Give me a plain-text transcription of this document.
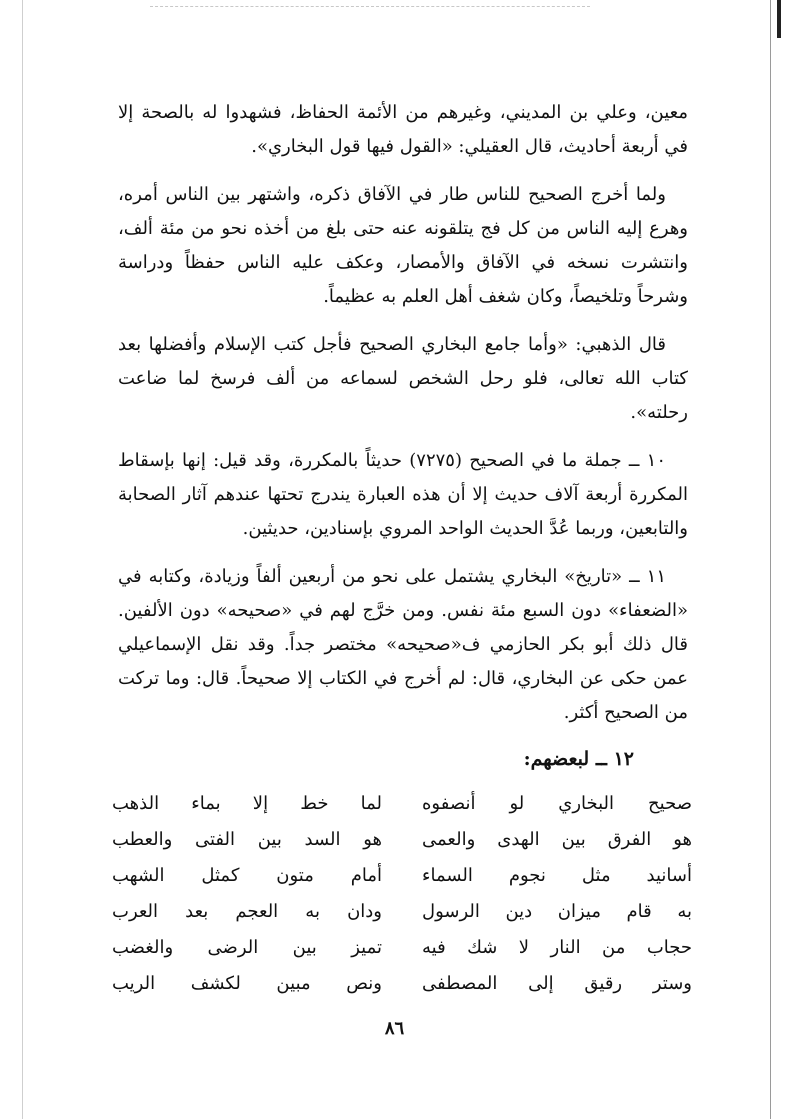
معين، وعلي بن المديني، وغيرهم من الأئمة الحفاظ، فشهدوا له بالصحة إلا في أربعة أحاديث، قال العقيلي: «القول فيها قول البخاري».

ولما أخرج الصحيح للناس طار في الآفاق ذكره، واشتهر بين الناس أمره، وهرع إليه الناس من كل فج يتلقونه عنه حتى بلغ من أخذه نحو من مئة ألف، وانتشرت نسخه في الآفاق والأمصار، وعكف عليه الناس حفظاً ودراسة وشرحاً وتلخيصاً، وكان شغف أهل العلم به عظيماً.

قال الذهبي: «وأما جامع البخاري الصحيح فأجل كتب الإسلام وأفضلها بعد كتاب الله تعالى، فلو رحل الشخص لسماعه من ألف فرسخ لما ضاعت رحلته».

١٠ ــ جملة ما في الصحيح (٧٢٧٥) حديثاً بالمكررة، وقد قيل: إنها بإسقاط المكررة أربعة آلاف حديث إلا أن هذه العبارة يندرج تحتها عندهم آثار الصحابة والتابعين، وربما عُدَّ الحديث الواحد المروي بإسنادين، حديثين.

١١ ــ «تاريخ» البخاري يشتمل على نحو من أربعين ألفاً وزيادة، وكتابه في «الضعفاء» دون السبع مئة نفس. ومن خرَّج لهم في «صحيحه» دون الألفين. قال ذلك أبو بكر الحازمي ف«صحيحه» مختصر جداً. وقد نقل الإسماعيلي عمن حكى عن البخاري، قال: لم أخرج في الكتاب إلا صحيحاً. قال: وما تركت من الصحيح أكثر.

١٢ ــ لبعضهم:
صحيح البخاري لو أنصفوه
لما خط إلا بماء الذهب
هو الفرق بين الهدى والعمى
هو السد بين الفتى والعطب
أسانيد مثل نجوم السماء
أمام متون كمثل الشهب
به قام ميزان دين الرسول
ودان به العجم بعد العرب
حجاب من النار لا شك فيه
تميز بين الرضى والغضب
وستر رقيق إلى المصطفى
ونص مبين لكشف الريب
٨٦
